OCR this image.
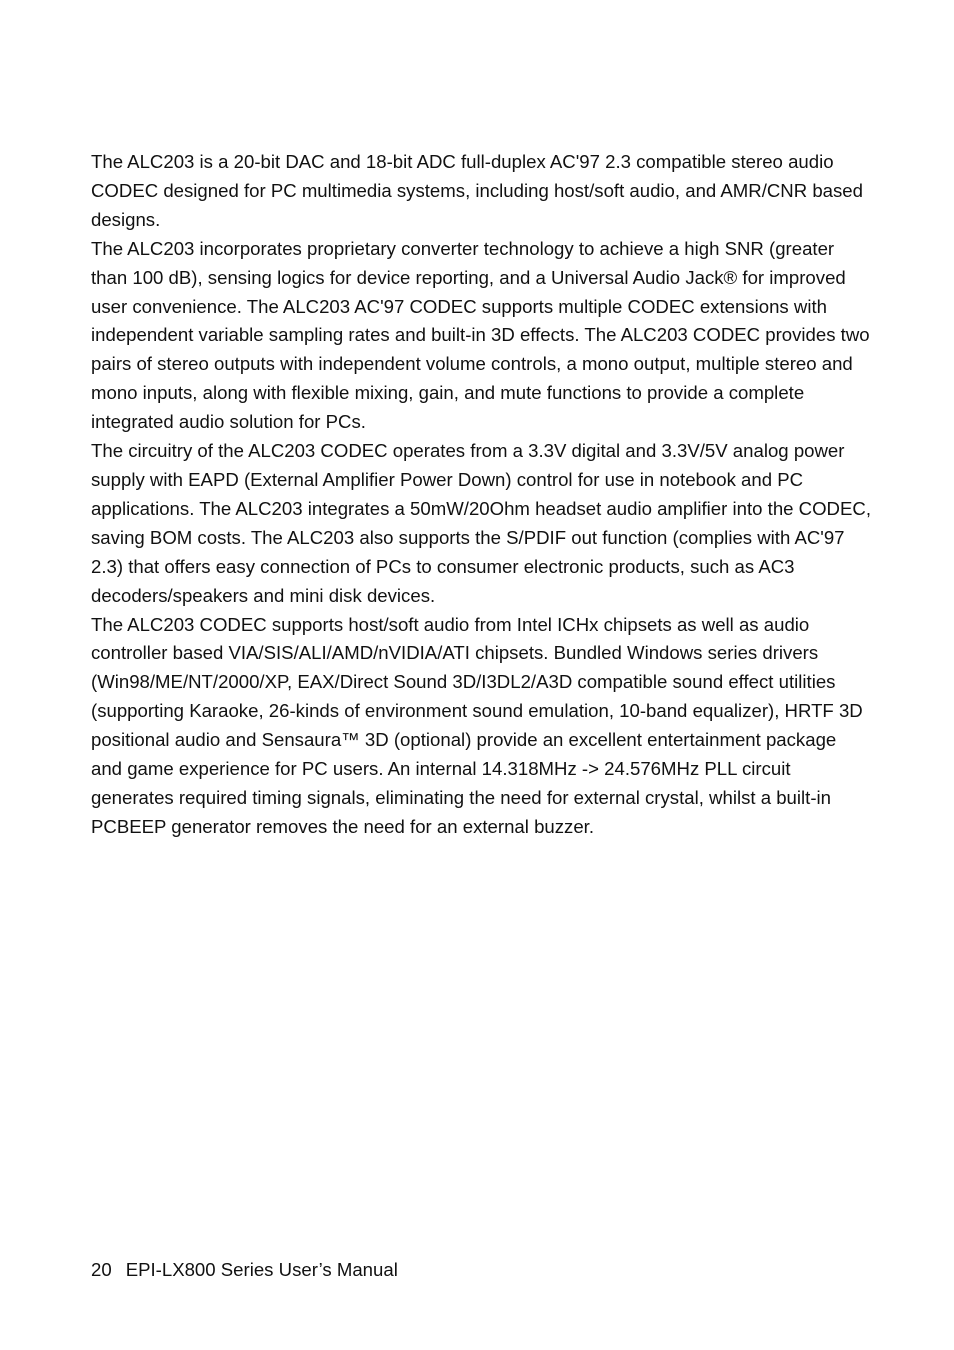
The ALC203 is a 20-bit DAC and 18-bit ADC full-duplex AC'97 2.3 compatible stereo audio CODEC designed for PC multimedia systems, including host/soft audio, and AMR/CNR based designs.

The ALC203 incorporates proprietary converter technology to achieve a high SNR (greater than 100 dB), sensing logics for device reporting, and a Universal Audio Jack® for improved user convenience. The ALC203 AC'97 CODEC supports multiple CODEC extensions with independent variable sampling rates and built-in 3D effects. The ALC203 CODEC provides two pairs of stereo outputs with independent volume controls, a mono output, multiple stereo and mono inputs, along with flexible mixing, gain, and mute functions to provide a complete integrated audio solution for PCs.

The circuitry of the ALC203 CODEC operates from a 3.3V digital and 3.3V/5V analog power supply with EAPD (External Amplifier Power Down) control for use in notebook and PC applications. The ALC203 integrates a 50mW/20Ohm headset audio amplifier into the CODEC, saving BOM costs. The ALC203 also supports the S/PDIF out function (complies with AC'97 2.3) that offers easy connection of PCs to consumer electronic products, such as AC3 decoders/speakers and mini disk devices.

The ALC203 CODEC supports host/soft audio from Intel ICHx chipsets as well as audio controller based VIA/SIS/ALI/AMD/nVIDIA/ATI chipsets. Bundled Windows series drivers (Win98/ME/NT/2000/XP, EAX/Direct Sound 3D/I3DL2/A3D compatible sound effect utilities (supporting Karaoke, 26-kinds of environment sound emulation, 10-band equalizer), HRTF 3D positional audio and Sensaura™ 3D (optional) provide an excellent entertainment package and game experience for PC users. An internal 14.318MHz -> 24.576MHz PLL circuit generates required timing signals, eliminating the need for external crystal, whilst a built-in PCBEEP generator removes the need for an external buzzer.

20 EPI-LX800 Series User’s Manual
